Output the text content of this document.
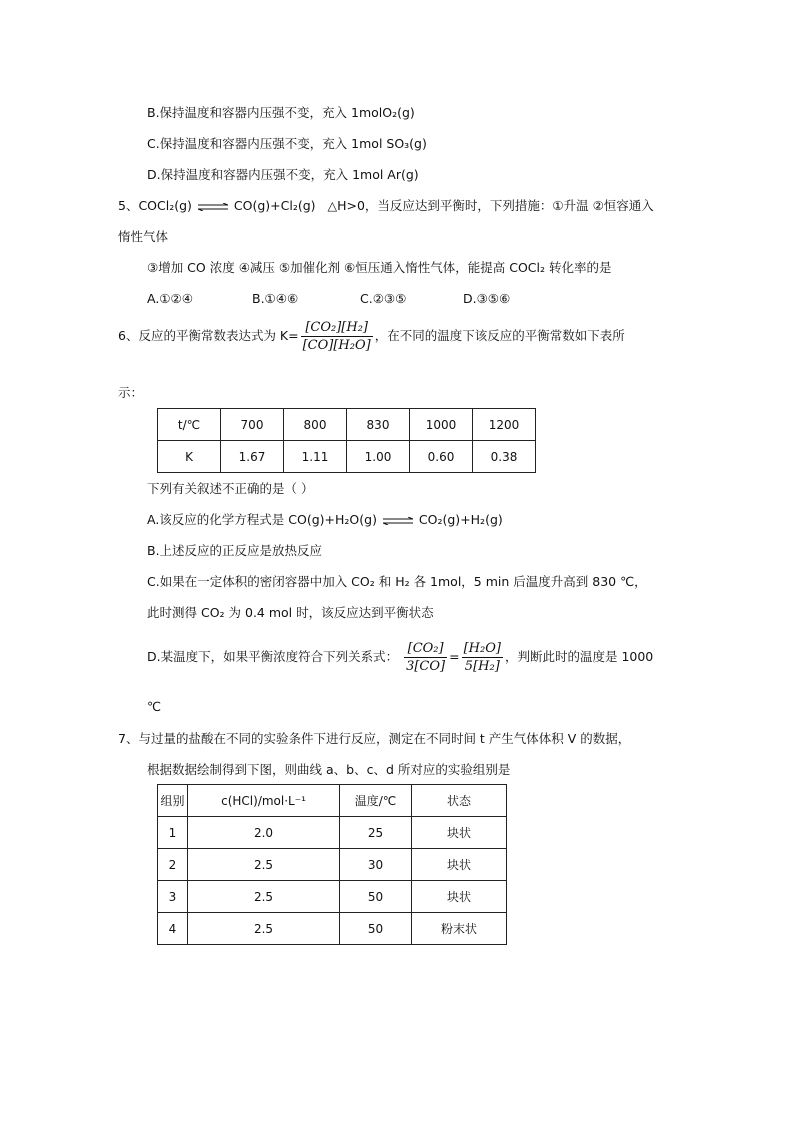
B.保持温度和容器内压强不变，充入 1molO₂(g)
C.保持温度和容器内压强不变，充入 1mol SO₃(g)
D.保持温度和容器内压强不变，充入 1mol Ar(g)
5、COCl₂(g) ⇌ CO(g)+Cl₂(g) △H>0，当反应达到平衡时，下列措施：①升温 ②恒容通入
惰性气体
③增加 CO 浓度 ④减压 ⑤加催化剂 ⑥恒压通入惰性气体，能提高 COCl₂ 转化率的是
A.①②④	B.①④⑥	C.②③⑤	D.③⑤⑥
6、反应的平衡常数表达式为 $K= \frac{\text{[CO₂][H₂]}}{\text{[CO][H₂O]}}$ ，在不同的温度下该反应的平衡常数如下表所
示：
t/℃	700	800	830	1000	1200
K	1.67	1.11	1.00	0.60	0.38
下列有关叙述不正确的是（ ）
A.该反应的化学方程式是 CO(g)+H₂O(g) ⇌ CO₂(g)+H₂(g)
B.上述反应的正反应是放热反应
C.如果在一定体积的密闭容器中加入 CO₂ 和 H₂ 各 1mol，5 min 后温度升高到 830 ℃，
此时测得 CO₂ 为 0.4 mol 时，该反应达到平衡状态
D.某温度下，如果平衡浓度符合下列关系式： $\frac{\text{[CO₂]}}{3[CO]} = \frac{\text{[H₂O]}}{\text{5[H₂]}}$ ，判断此时的温度是 1000
℃
7、与过量的盐酸在不同的实验条件下进行反应，测定在不同时间 t 产生气体体积 V 的数据，
根据数据绘制得到下图，则曲线 a、b、c、d 所对应的实验组别是
组别	c(HCl)/mol·L⁻¹	温度/℃	状态
1	2.0	25	块状
2	2.5	30	块状
3	2.5	50	块状
4	2.5	50	粉末状
